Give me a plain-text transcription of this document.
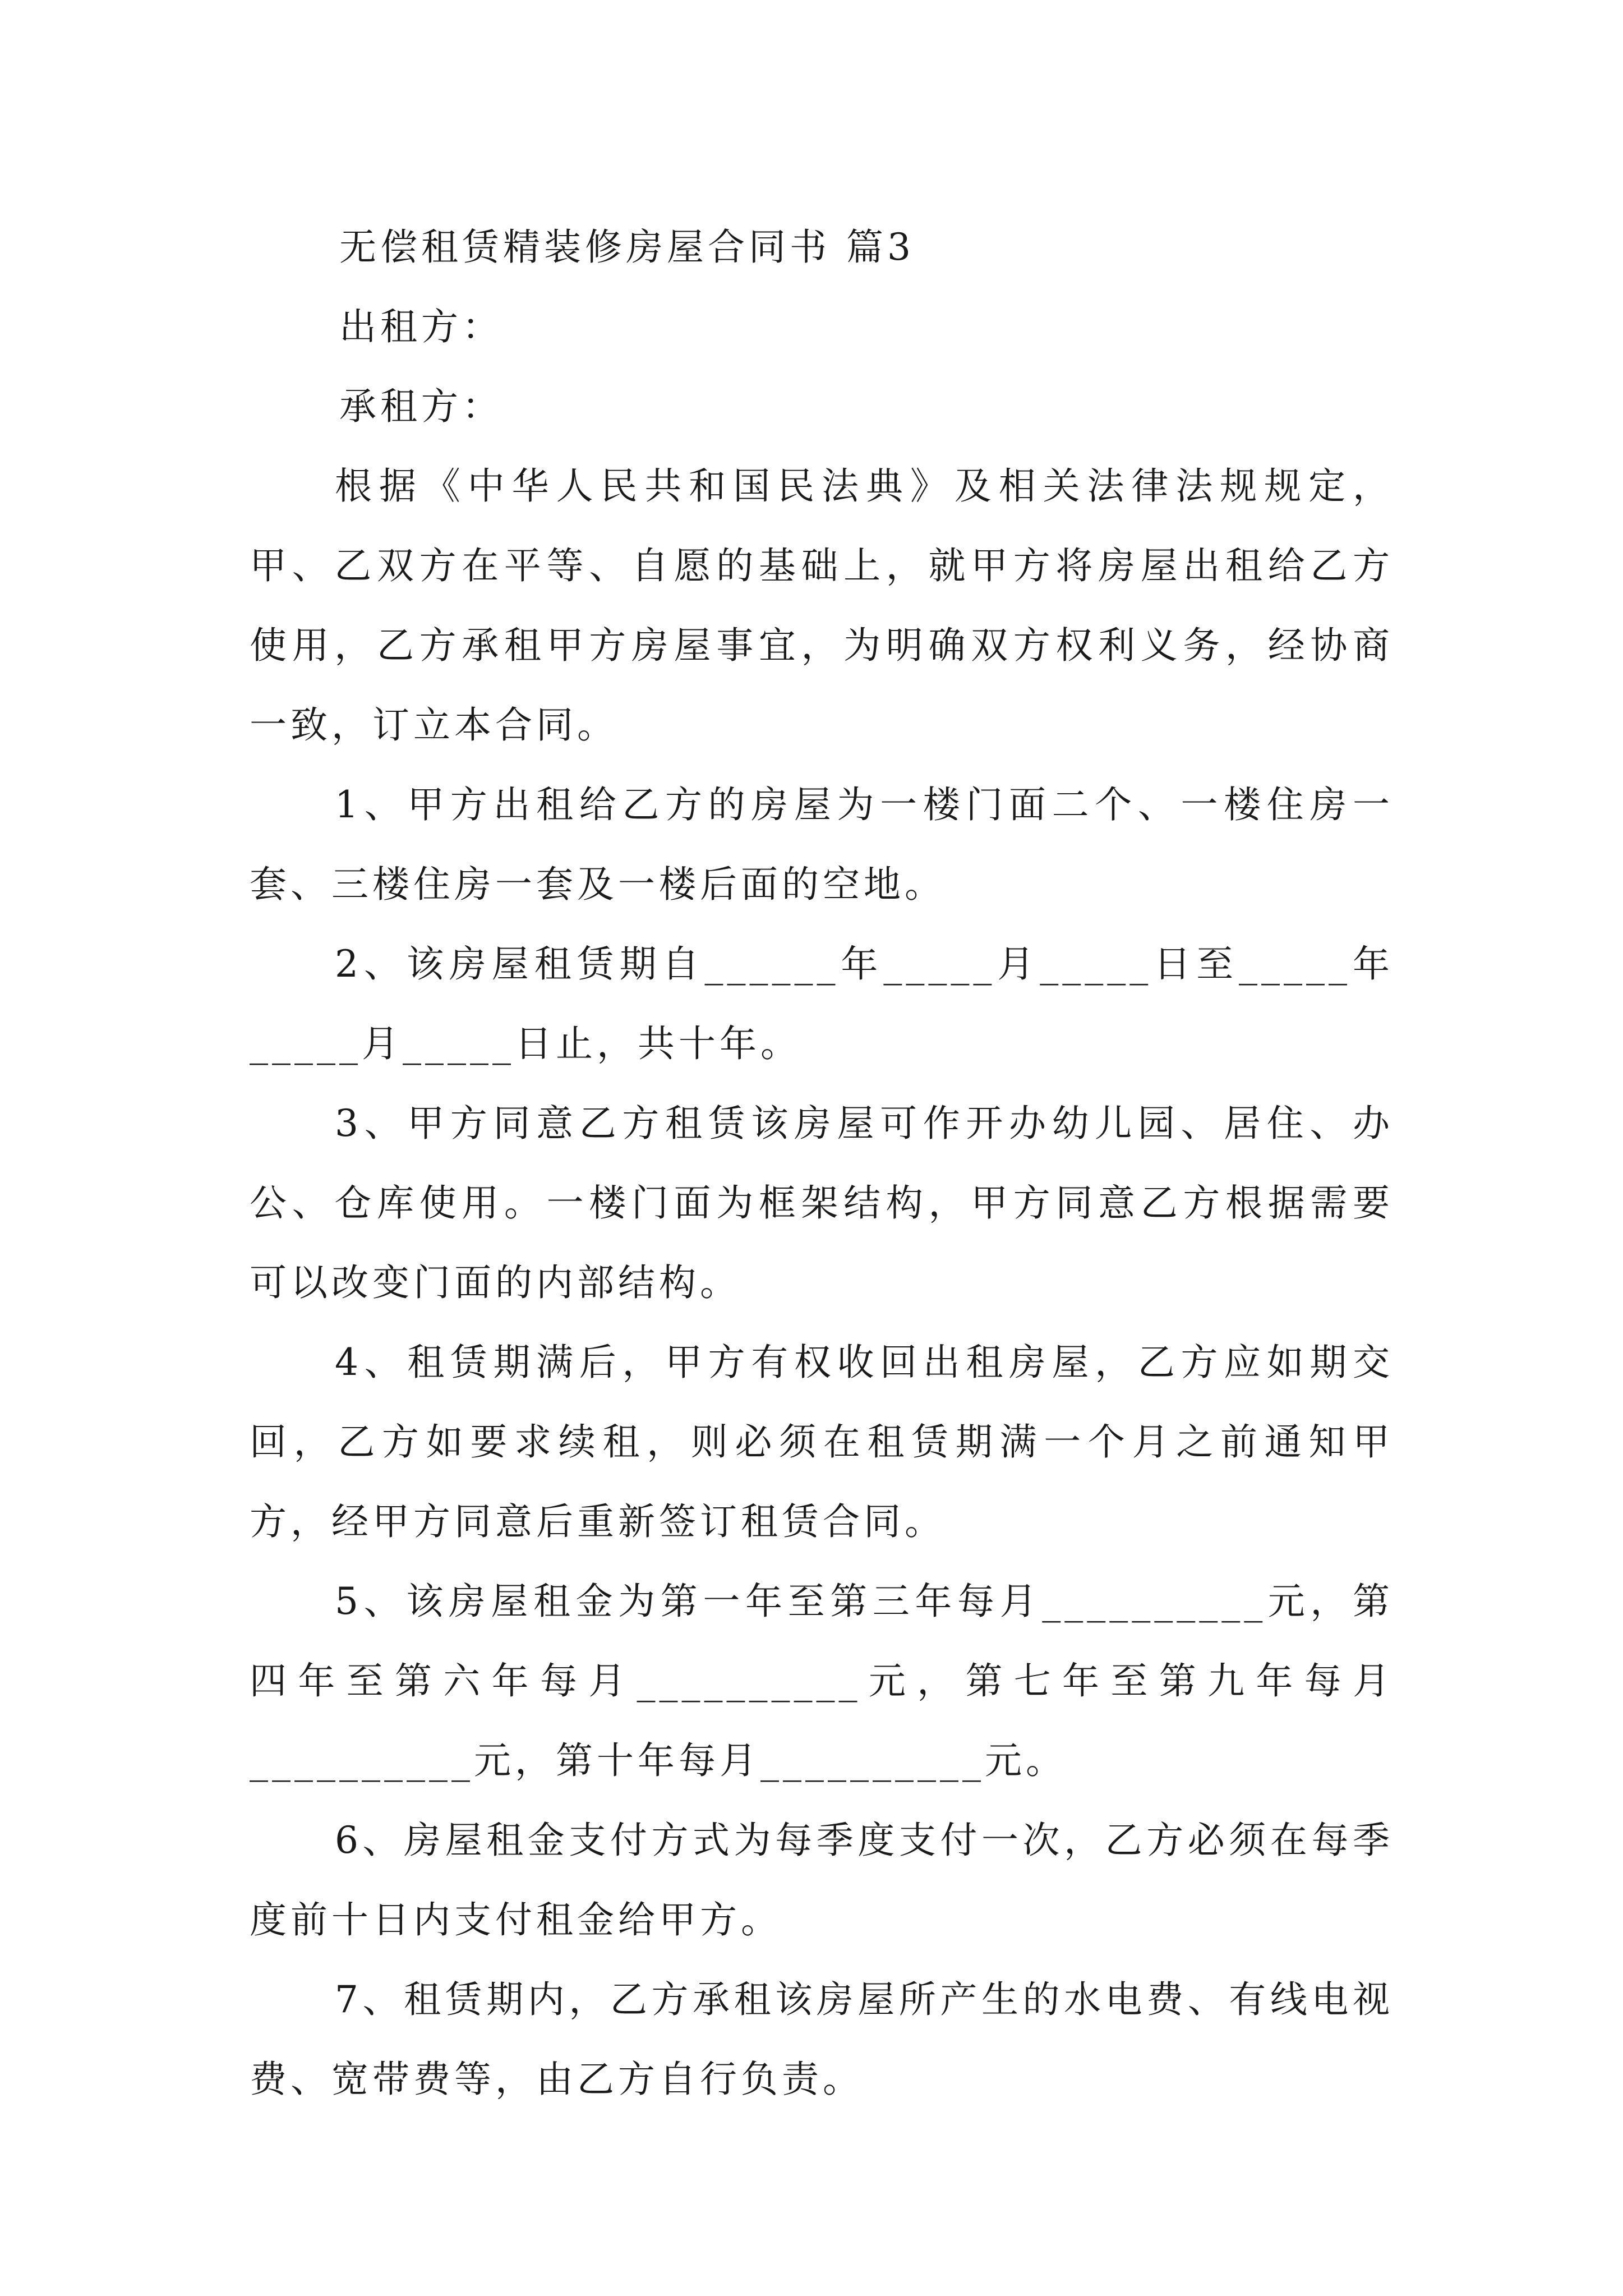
无偿租赁精装修房屋合同书 篇3

出租方：

承租方：

根据《中华人民共和国民法典》及相关法律法规规定，甲、乙双方在平等、自愿的基础上，就甲方将房屋出租给乙方使用，乙方承租甲方房屋事宜，为明确双方权利义务，经协商一致，订立本合同。

1、甲方出租给乙方的房屋为一楼门面二个、一楼住房一套、三楼住房一套及一楼后面的空地。

2、该房屋租赁期自______年_____月_____日至_____年_____月_____日止，共十年。

3、甲方同意乙方租赁该房屋可作开办幼儿园、居住、办公、仓库使用。一楼门面为框架结构，甲方同意乙方根据需要可以改变门面的内部结构。

4、租赁期满后，甲方有权收回出租房屋，乙方应如期交回，乙方如要求续租，则必须在租赁期满一个月之前通知甲方，经甲方同意后重新签订租赁合同。

5、该房屋租金为第一年至第三年每月__________元，第四年至第六年每月__________元，第七年至第九年每月__________元，第十年每月__________元。

6、房屋租金支付方式为每季度支付一次，乙方必须在每季度前十日内支付租金给甲方。

7、租赁期内，乙方承租该房屋所产生的水电费、有线电视费、宽带费等，由乙方自行负责。
